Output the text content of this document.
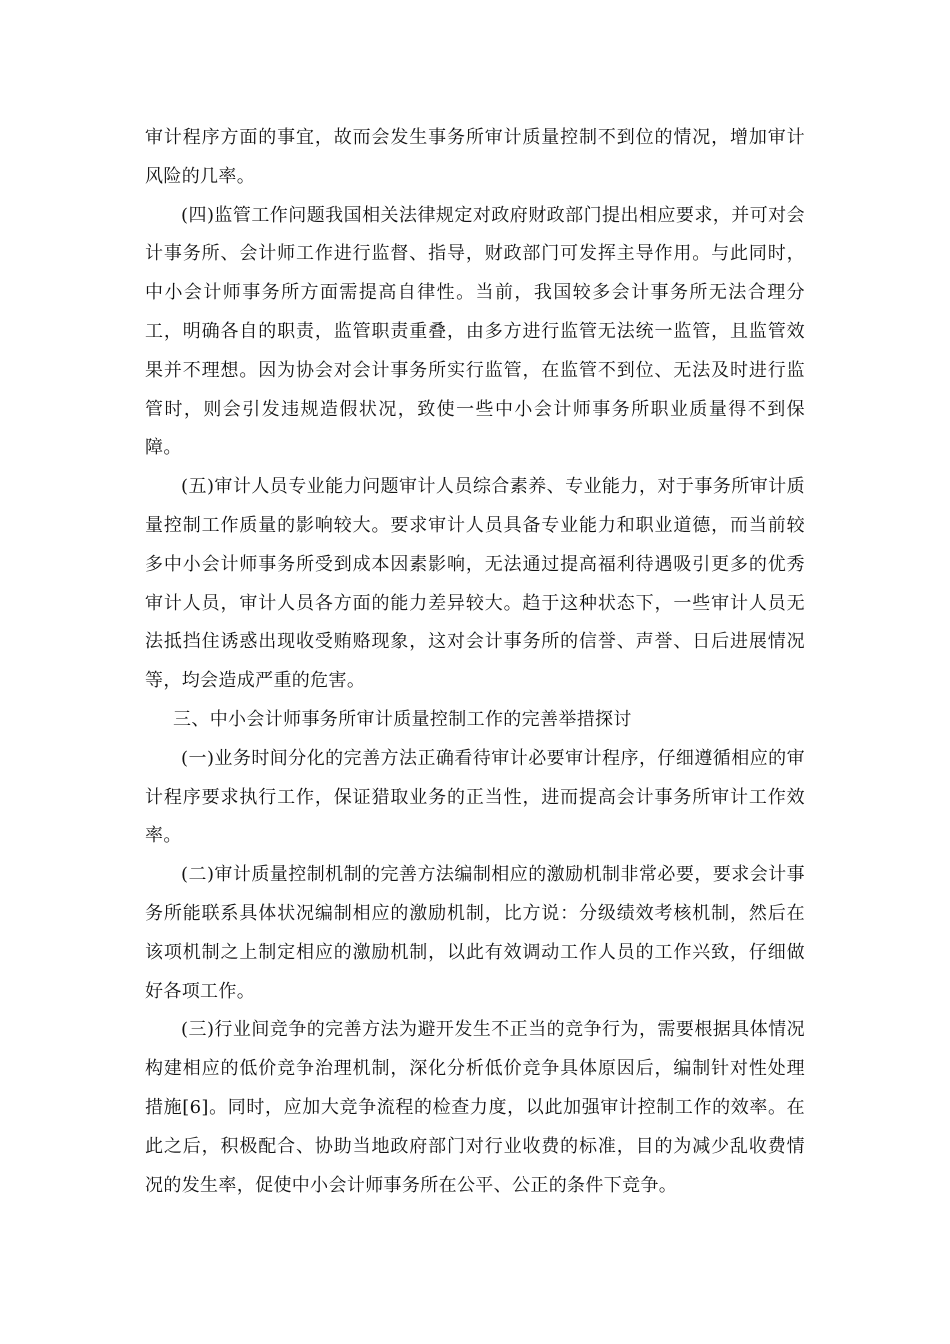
审计程序方面的事宜，故而会发生事务所审计质量控制不到位的情况，增加审计风险的几率。

(四)监管工作问题我国相关法律规定对政府财政部门提出相应要求，并可对会计事务所、会计师工作进行监督、指导，财政部门可发挥主导作用。与此同时，中小会计师事务所方面需提高自律性。当前，我国较多会计事务所无法合理分工，明确各自的职责，监管职责重叠，由多方进行监管无法统一监管，且监管效果并不理想。因为协会对会计事务所实行监管，在监管不到位、无法及时进行监管时，则会引发违规造假状况，致使一些中小会计师事务所职业质量得不到保障。

(五)审计人员专业能力问题审计人员综合素养、专业能力，对于事务所审计质量控制工作质量的影响较大。要求审计人员具备专业能力和职业道德，而当前较多中小会计师事务所受到成本因素影响，无法通过提高福利待遇吸引更多的优秀审计人员，审计人员各方面的能力差异较大。趋于这种状态下，一些审计人员无法抵挡住诱惑出现收受贿赂现象，这对会计事务所的信誉、声誉、日后进展情况等，均会造成严重的危害。

三、中小会计师事务所审计质量控制工作的完善举措探讨

(一)业务时间分化的完善方法正确看待审计必要审计程序，仔细遵循相应的审计程序要求执行工作，保证猎取业务的正当性，进而提高会计事务所审计工作效率。

(二)审计质量控制机制的完善方法编制相应的激励机制非常必要，要求会计事务所能联系具体状况编制相应的激励机制，比方说：分级绩效考核机制，然后在该项机制之上制定相应的激励机制，以此有效调动工作人员的工作兴致，仔细做好各项工作。

(三)行业间竞争的完善方法为避开发生不正当的竞争行为，需要根据具体情况构建相应的低价竞争治理机制，深化分析低价竞争具体原因后，编制针对性处理措施[6]。同时，应加大竞争流程的检查力度，以此加强审计控制工作的效率。在此之后，积极配合、协助当地政府部门对行业收费的标准，目的为减少乱收费情况的发生率，促使中小会计师事务所在公平、公正的条件下竞争。
